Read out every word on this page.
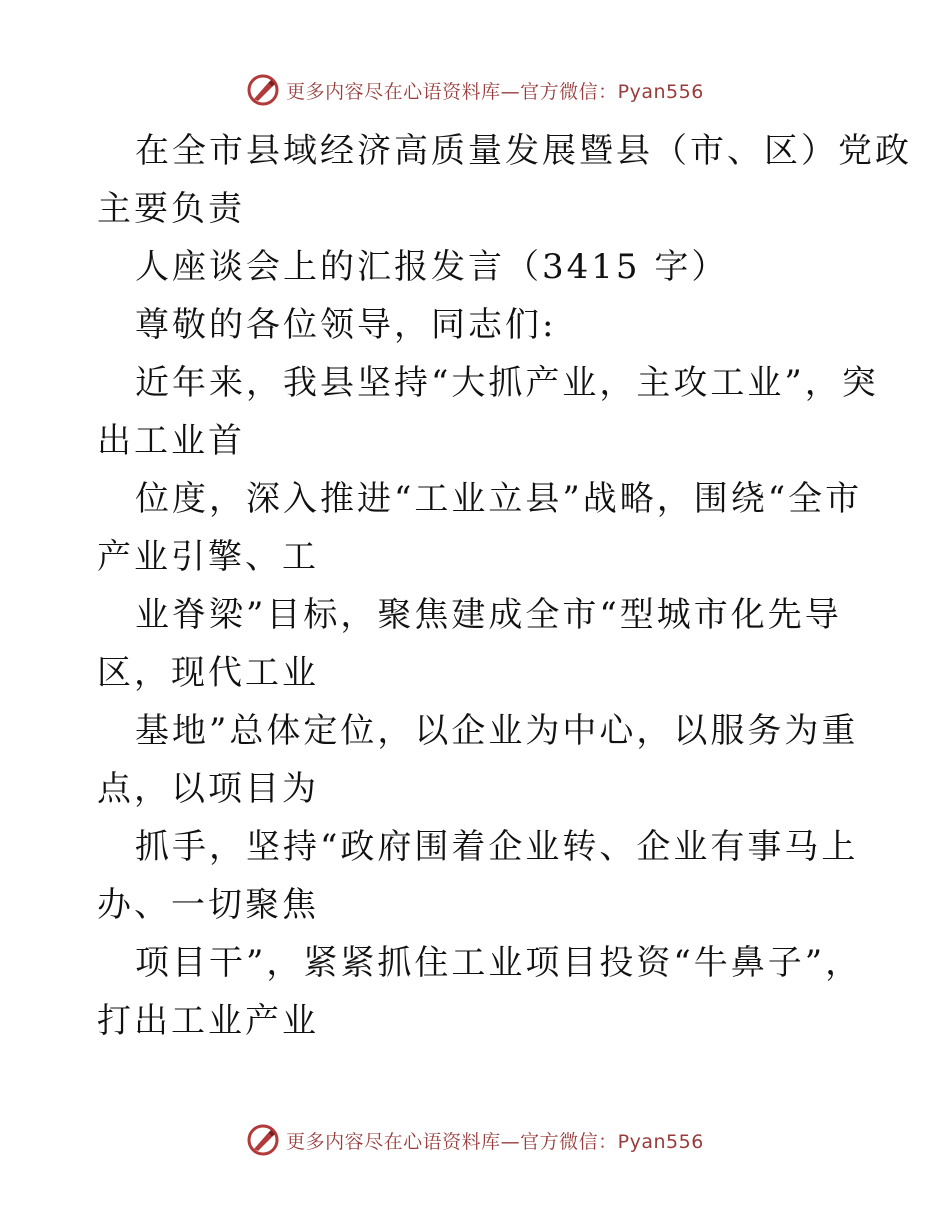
更多内容尽在心语资料库—官方微信：Pyan556
在全市县域经济高质量发展暨县（市、区）党政
主要负责
人座谈会上的汇报发言（3415 字）
尊敬的各位领导，同志们:
近年来，我县坚持“大抓产业，主攻工业”，突
出工业首
位度，深入推进“工业立县”战略，围绕“全市
产业引擎、工
业脊梁”目标，聚焦建成全市“型城市化先导
区，现代工业
基地”总体定位，以企业为中心，以服务为重
点，以项目为
抓手，坚持“政府围着企业转、企业有事马上
办、一切聚焦
项目干”，紧紧抓住工业项目投资“牛鼻子”，
打出工业产业
更多内容尽在心语资料库—官方微信：Pyan556
